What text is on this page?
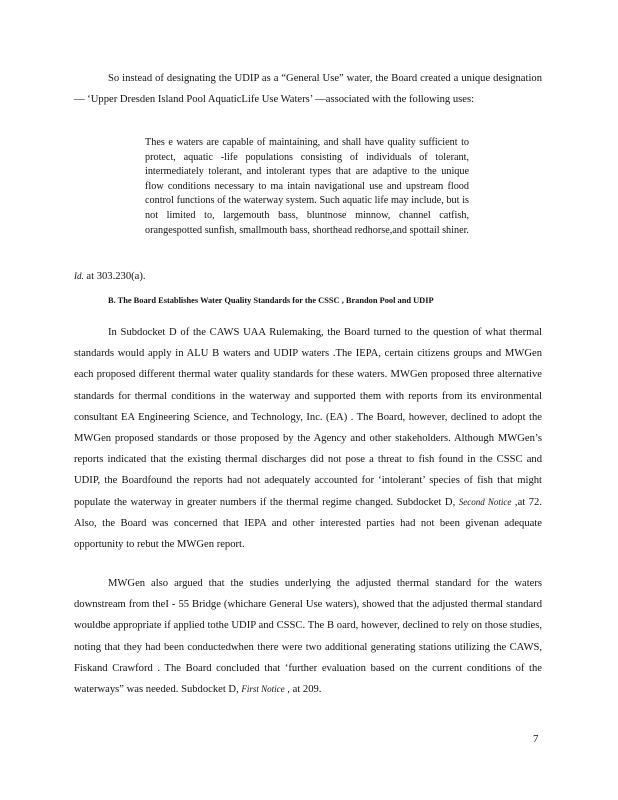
So instead of designating the UDIP as a “General Use” water, the Board created a unique designation— ‘Upper Dresden Island Pool AquaticLife Use Waters’ —associated with the following uses:

Thes e waters are capable of maintaining, and shall have quality sufficient to protect, aquatic -life populations consisting of individuals of tolerant, intermediately tolerant, and intolerant types that are adaptive to the unique flow conditions necessary to ma intain navigational use and upstream flood control functions of the waterway system. Such aquatic life may include, but is not limited to, largemouth bass, bluntnose minnow, channel catfish, orangespotted sunfish, smallmouth bass, shorthead redhorse,and spottail shiner.

Id. at 303.230(a).

B. The Board Establishes Water Quality Standards for the CSSC , Brandon Pool and UDIP

In Subdocket D of the CAWS UAA Rulemaking, the Board turned to the question of what thermal standards would apply in ALU B waters and UDIP waters .The IEPA, certain citizens groups and MWGen each proposed different thermal water quality standards for these waters. MWGen proposed three alternative standards for thermal conditions in the waterway and supported them with reports from its environmental consultant EA Engineering Science, and Technology, Inc. (EA) . The Board, however, declined to adopt the MWGen proposed standards or those proposed by the Agency and other stakeholders. Although MWGen’s reports indicated that the existing thermal discharges did not pose a threat to fish found in the CSSC and UDIP, the Boardfound the reports had not adequately accounted for ‘intolerant’ species of fish that might populate the waterway in greater numbers if the thermal regime changed. Subdocket D, Second Notice ,at 72. Also, the Board was concerned that IEPA and other interested parties had not been givenan adequate opportunity to rebut the MWGen report.

MWGen also argued that the studies underlying the adjusted thermal standard for the waters downstream from theI - 55 Bridge (whichare General Use waters), showed that the adjusted thermal standard wouldbe appropriate if applied tothe UDIP and CSSC. The B oard, however, declined to rely on those studies, noting that they had been conductedwhen there were two additional generating stations utilizing the CAWS, Fiskand Crawford . The Board concluded that ‘further evaluation based on the current conditions of the waterways” was needed. Subdocket D, First Notice , at 209.

7
